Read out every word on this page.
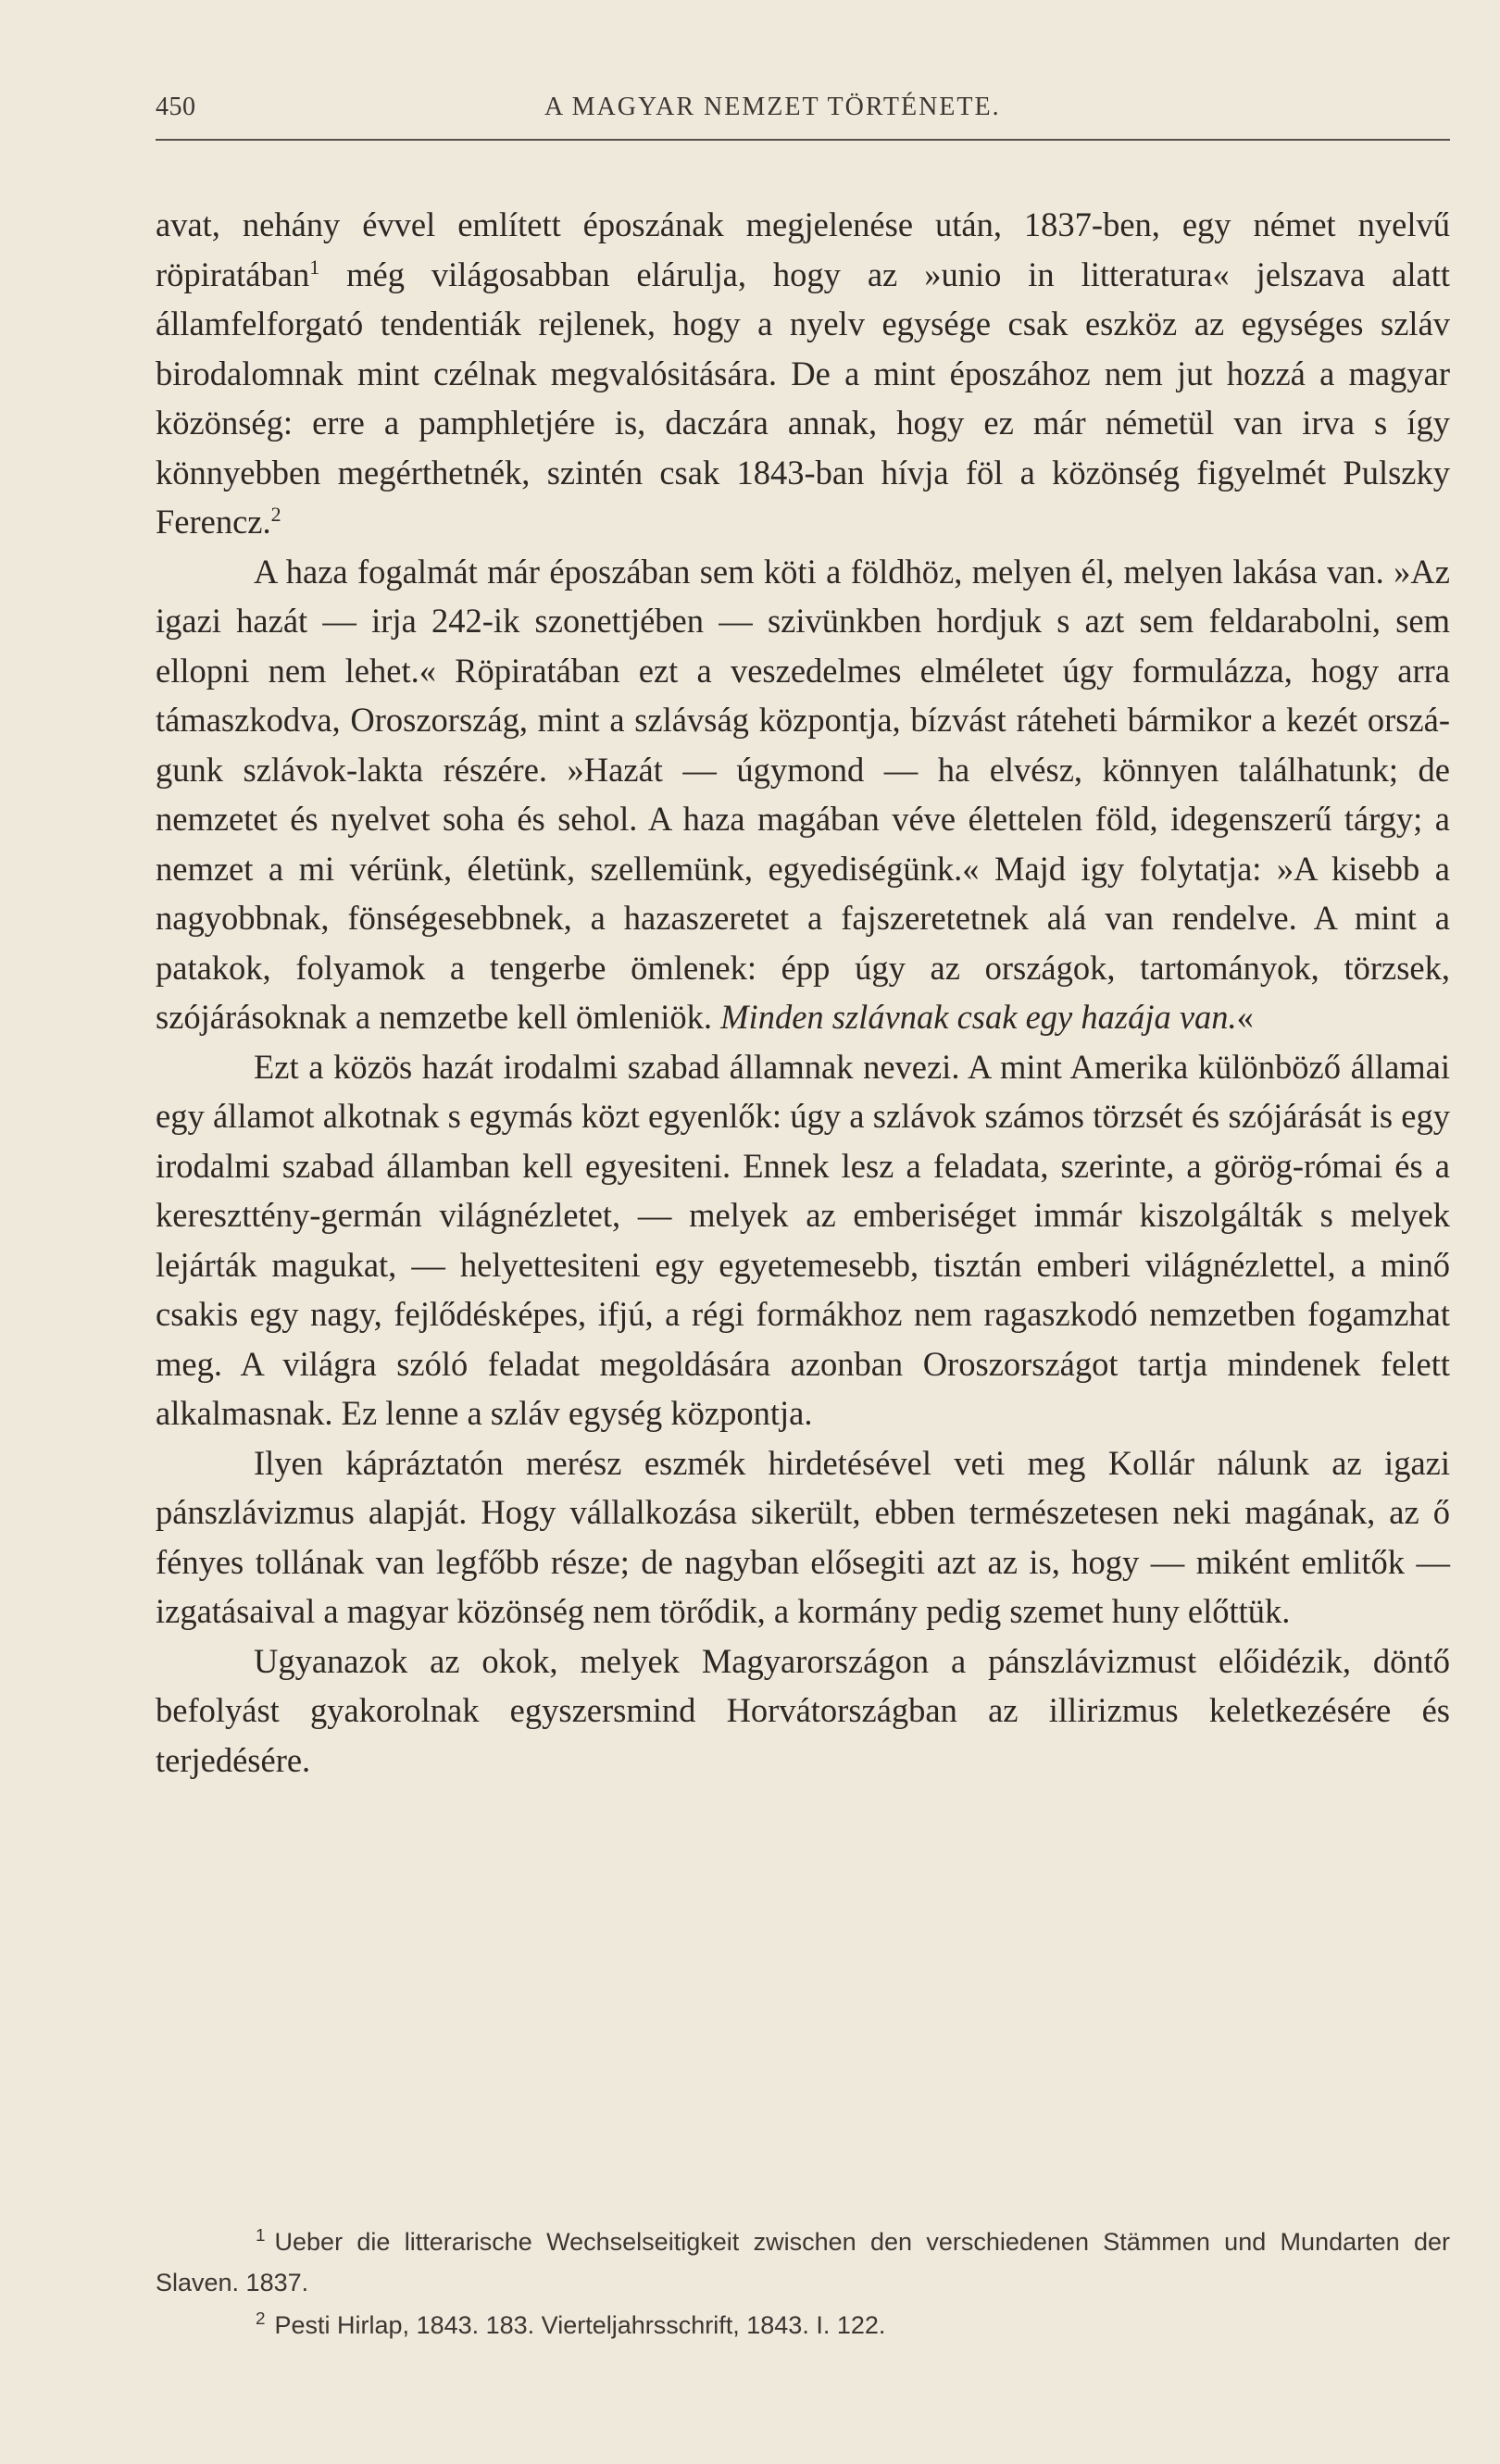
450	A MAGYAR NEMZET TÖRTÉNETE.

avat, nehány évvel említett époszának megjelenése után, 1837-ben, egy német nyelvű röpiratában$^1$ még világosabban elárulja, hogy az »unio in litteratura« jelszava alatt államfelforgató tendentiák rejlenek, hogy a nyelv egysége csak eszköz az egységes szláv birodalomnak mint czélnak megvalósitására. De a mint époszához nem jut hozzá a magyar közönség: erre a pamphletjére is, daczára annak, hogy ez már németül van irva s így könnyebben megérthetnék, szintén csak 1843-ban hívja föl a közönség figyelmét Pulszky Ferencz.$^2$

A haza fogalmát már époszában sem köti a földhöz, melyen él, melyen lakása van. »Az igazi hazát — irja 242-ik szonettjében — szivünkben hordjuk s azt sem feldarabolni, sem ellopni nem lehet.« Röpiratában ezt a veszedelmes elméletet úgy formulázza, hogy arra támaszkodva, Oroszország, mint a szlávság központja, bízvást ráteheti bármikor a kezét országunk szlávok-lakta részére. »Hazát — úgymond — ha elvész, könnyen találhatunk; de nemzetet és nyelvet soha és sehol. A haza magában véve élettelen föld, idegenszerű tárgy; a nemzet a mi vérünk, életünk, szellemünk, egyediségünk.« Majd igy folytatja: »A kisebb a nagyobbnak, fönségesebbnek, a hazaszeretet a fajszeretetnek alá van rendelve. A mint a patakok, folyamok a tengerbe ömlenek: épp úgy az országok, tartományok, törzsek, szójárásoknak a nemzetbe kell ömleniök. Minden szlávnak csak egy hazája van.«

Ezt a közös hazát irodalmi szabad államnak nevezi. A mint Amerika különböző államai egy államot alkotnak s egymás közt egyenlők: úgy a szlávok számos törzsét és szójárását is egy irodalmi szabad államban kell egyesiteni. Ennek lesz a feladata, szerinte, a görög-római és a kereszttény-germán világnézletet, — melyek az emberiséget immár kiszolgálták s melyek lejárták magukat, — helyettesiteni egy egyetemesebb, tisztán emberi világnézlettel, a minő csakis egy nagy, fejlődésképes, ifjú, a régi formákhoz nem ragaszkodó nemzetben fogamzhat meg. A világra szóló feladat megoldására azonban Oroszországot tartja mindenek felett alkalmasnak. Ez lenne a szláv egység központja.

Ilyen kápráztatón merész eszmék hirdetésével veti meg Kollár nálunk az igazi pánszlávizmus alapját. Hogy vállalkozása sikerült, ebben természetesen neki magának, az ő fényes tollának van legfőbb része; de nagyban elősegiti azt az is, hogy — miként emlitők — izgatásaival a magyar közönség nem törődik, a kormány pedig szemet huny előttük.

Ugyanazok az okok, melyek Magyarországon a pánszlávizmust előidézik, döntő befolyást gyakorolnak egyszersmind Horvátországban az illirizmus keletkezésére és terjedésére.

$^1$ Ueber die litterarische Wechselseitigkeit zwischen den verschiedenen Stämmen und Mundarten der Slaven. 1837.

$^2$ Pesti Hirlap, 1843. 183. Vierteljahrsschrift, 1843. I. 122.
